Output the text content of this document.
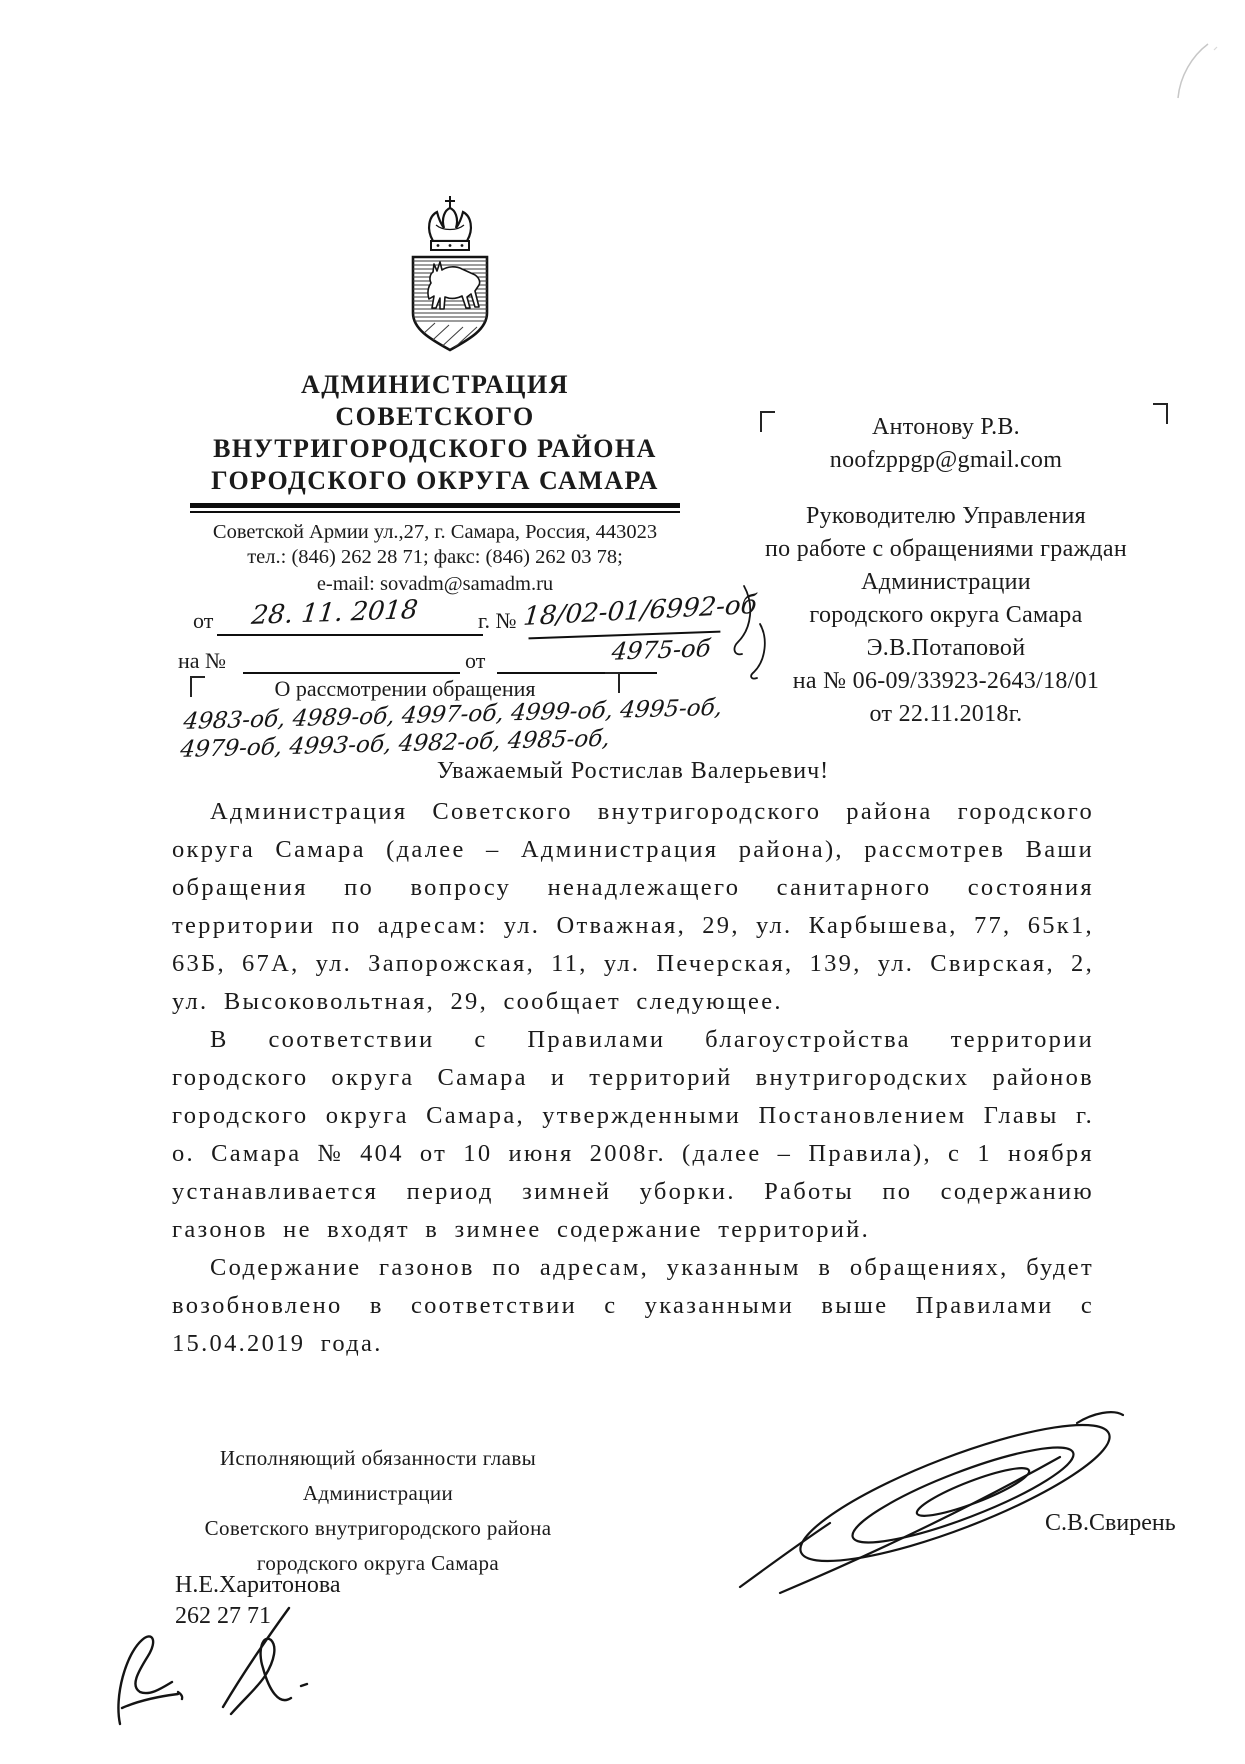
АДМИНИСТРАЦИЯ
СОВЕТСКОГО
ВНУТРИГОРОДСКОГО РАЙОНА
ГОРОДСКОГО ОКРУГА САМАРА
Советской Армии ул.,27, г. Самара, Россия, 443023
тел.: (846) 262 28 71; факс: (846) 262 03 78;
e-mail: sovadm@samadm.ru
от 28. 11. 2018	г. № 18/02-01/6992-об
4975-об
на №	от
О рассмотрении обращения
4983-об, 4989-об, 4997-об, 4999-об, 4995-об,
4979-об, 4993-об, 4982-об, 4985-об,
Антонову Р.В.
noofzppgp@gmail.com
Руководителю Управления
по работе с обращениями граждан
Администрации
городского округа Самара
Э.В.Потаповой
на № 06-09/33923-2643/18/01
от 22.11.2018г.

Уважаемый Ростислав Валерьевич!

Администрация Советского внутригородского района городского округа Самара (далее – Администрация района), рассмотрев Ваши обращения по вопросу ненадлежащего санитарного состояния территории по адресам: ул. Отважная, 29, ул. Карбышева, 77, 65к1, 63Б, 67А, ул. Запорожская, 11, ул. Печерская, 139, ул. Свирская, 2, ул. Высоковольтная, 29, сообщает следующее.

В соответствии с Правилами благоустройства территории городского округа Самара и территорий внутригородских районов городского округа Самара, утвержденными Постановлением Главы г. о. Самара № 404 от 10 июня 2008г. (далее – Правила), с 1 ноября устанавливается период зимней уборки. Работы по содержанию газонов не входят в зимнее содержание территорий.

Содержание газонов по адресам, указанным в обращениях, будет возобновлено в соответствии с указанными выше Правилами с 15.04.2019 года.

Исполняющий обязанности главы Администрации
Советского внутригородского района
городского округа Самара
С.В.Свирень
Н.Е.Харитонова
262 27 71
